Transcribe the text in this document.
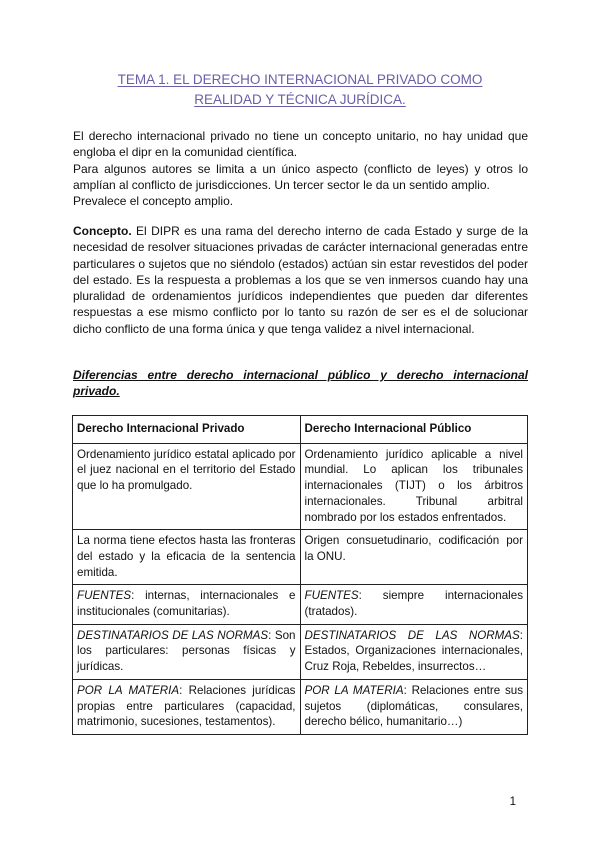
TEMA 1. EL DERECHO INTERNACIONAL PRIVADO COMO
REALIDAD Y TÉCNICA JURÍDICA.

El derecho internacional privado no tiene un concepto unitario, no hay unidad que engloba el dipr en la comunidad científica.

Para algunos autores se limita a un único aspecto (conflicto de leyes) y otros lo amplían al conflicto de jurisdicciones. Un tercer sector le da un sentido amplio.

Prevalece el concepto amplio.

Concepto. El DIPR es una rama del derecho interno de cada Estado y surge de la necesidad de resolver situaciones privadas de carácter internacional generadas entre particulares o sujetos que no siéndolo (estados) actúan sin estar revestidos del poder del estado. Es la respuesta a problemas a los que se ven inmersos cuando hay una pluralidad de ordenamientos jurídicos independientes que pueden dar diferentes respuestas a ese mismo conflicto por lo tanto su razón de ser es el de solucionar dicho conflicto de una forma única y que tenga validez a nivel internacional.

Diferencias entre derecho internacional público y derecho internacional privado.
Derecho Internacional Privado	Derecho Internacional Público
Ordenamiento jurídico estatal aplicado por el juez nacional en el territorio del Estado que lo ha promulgado.	Ordenamiento jurídico aplicable a nivel mundial. Lo aplican los tribunales internacionales (TIJT) o los árbitros internacionales. Tribunal arbitral nombrado por los estados enfrentados.
La norma tiene efectos hasta las fronteras del estado y la eficacia de la sentencia emitida.	Origen consuetudinario, codificación por la ONU.
FUENTES: internas, internacionales e institucionales (comunitarias).	FUENTES: siempre internacionales (tratados).
DESTINATARIOS DE LAS NORMAS: Son los particulares: personas físicas y jurídicas.	DESTINATARIOS DE LAS NORMAS: Estados, Organizaciones internacionales, Cruz Roja, Rebeldes, insurrectos…
POR LA MATERIA: Relaciones jurídicas propias entre particulares (capacidad, matrimonio, sucesiones, testamentos).	POR LA MATERIA: Relaciones entre sus sujetos (diplomáticas, consulares, derecho bélico, humanitario…)
1
